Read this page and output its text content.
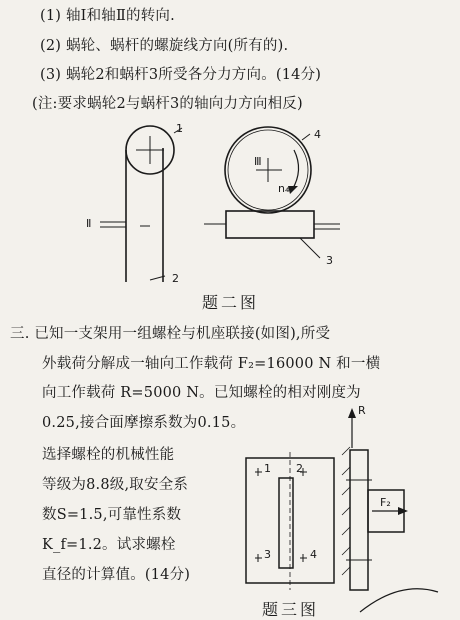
(1) 轴Ⅰ和轴Ⅱ的转向.
(2) 蜗轮、蜗杆的螺旋线方向(所有的).
(3) 蜗轮2和蜗杆3所受各分力方向。(14分)
(注:要求蜗轮2与蜗杆3的轴向力方向相反)
1
2
3
4
Ⅱ
Ⅲ
n₄
题二图
三. 已知一支架用一组螺栓与机座联接(如图),所受
外载荷分解成一轴向工作载荷 F₂=16000 N 和一横
向工作载荷 R=5000 N。已知螺栓的相对刚度为
0.25,接合面摩擦系数为0.15。
选择螺栓的机械性能
等级为8.8级,取安全系
数S=1.5,可靠性系数
K_f=1.2。试求螺栓
直径的计算值。(14分)
1 2
3	4
R
F₂
题三图
